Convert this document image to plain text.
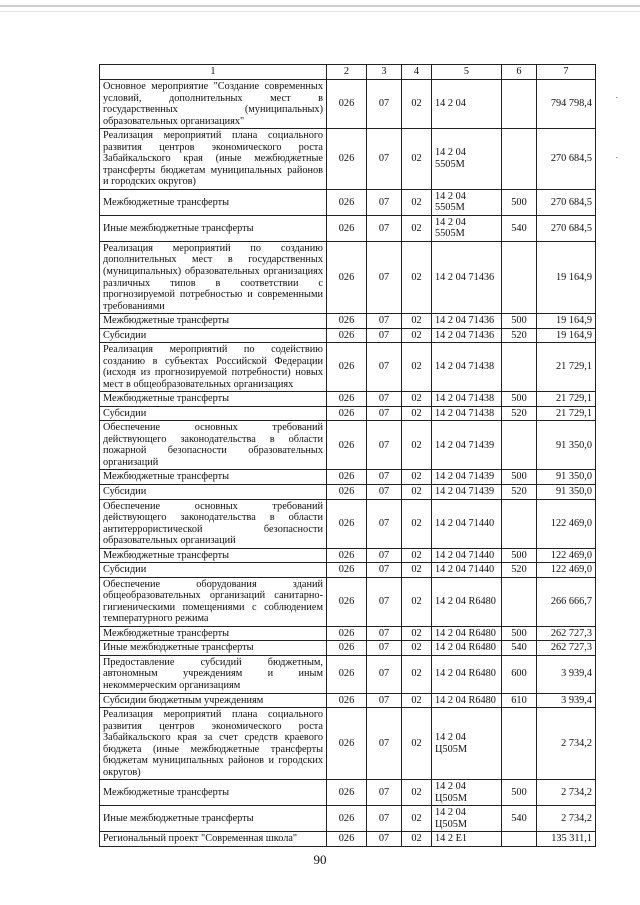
.
.
1	2	3	4	5	6	7
Основное мероприятие "Создание современных условий, дополнительных мест в государственных (муниципальных) образовательных организациях"	026	07	02	14 2 04		794 798,4
Реализация мероприятий плана социального развития центров экономического роста Забайкальского края (иные межбюджетные трансферты бюджетам муниципальных районов и городских округов)	026	07	02	14 2 04 5505М		270 684,5
Межбюджетные трансферты	026	07	02	14 2 04 5505М	500	270 684,5
Иные межбюджетные трансферты	026	07	02	14 2 04 5505М	540	270 684,5
Реализация мероприятий по созданию дополнительных мест в государственных (муниципальных) образовательных организациях различных типов в соответствии с прогнозируемой потребностью и современными требованиями	026	07	02	14 2 04 71436		19 164,9
Межбюджетные трансферты	026	07	02	14 2 04 71436	500	19 164,9
Субсидии	026	07	02	14 2 04 71436	520	19 164,9
Реализация мероприятий по содействию созданию в субъектах Российской Федерации (исходя из прогнозируемой потребности) новых мест в общеобразовательных организациях	026	07	02	14 2 04 71438		21 729,1
Межбюджетные трансферты	026	07	02	14 2 04 71438	500	21 729,1
Субсидии	026	07	02	14 2 04 71438	520	21 729,1
Обеспечение основных требований действующего законодательства в области пожарной безопасности образовательных организаций	026	07	02	14 2 04 71439		91 350,0
Межбюджетные трансферты	026	07	02	14 2 04 71439	500	91 350,0
Субсидии	026	07	02	14 2 04 71439	520	91 350,0
Обеспечение основных требований действующего законодательства в области антитеррористической безопасности образовательных организаций	026	07	02	14 2 04 71440		122 469,0
Межбюджетные трансферты	026	07	02	14 2 04 71440	500	122 469,0
Субсидии	026	07	02	14 2 04 71440	520	122 469,0
Обеспечение оборудования зданий общеобразовательных организаций санитарно-гигиеническими помещениями с соблюдением температурного режима	026	07	02	14 2 04 R6480		266 666,7
Межбюджетные трансферты	026	07	02	14 2 04 R6480	500	262 727,3
Иные межбюджетные трансферты	026	07	02	14 2 04 R6480	540	262 727,3
Предоставление субсидий бюджетным, автономным учреждениям и иным некоммерческим организациям	026	07	02	14 2 04 R6480	600	3 939,4
Субсидии бюджетным учреждениям	026	07	02	14 2 04 R6480	610	3 939,4
Реализация мероприятий плана социального развития центров экономического роста Забайкальского края за счет средств краевого бюджета (иные межбюджетные трансферты бюджетам муниципальных районов и городских округов)	026	07	02	14 2 04 Ц505М		2 734,2
Межбюджетные трансферты	026	07	02	14 2 04 Ц505М	500	2 734,2
Иные межбюджетные трансферты	026	07	02	14 2 04 Ц505М	540	2 734,2
Региональный проект "Современная школа"	026	07	02	14 2 E1		135 311,1
90
